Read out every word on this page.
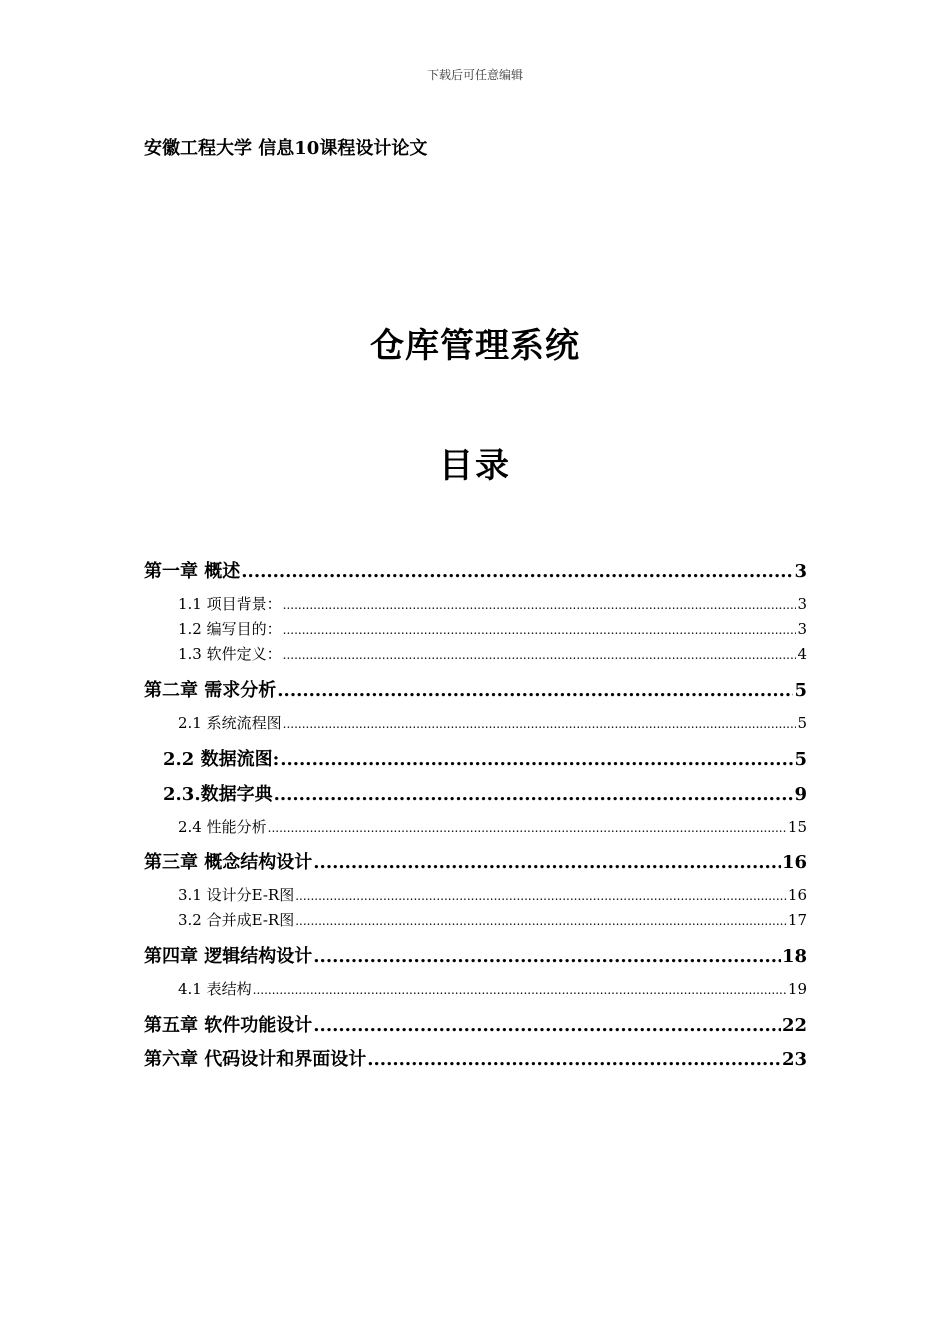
下载后可任意编辑
安徽工程大学 信息10课程设计论文
仓库管理系统
目录
第一章 概述 .....	3
1.1 项目背景： .....	3
1.2 编写目的： .....	3
1.3 软件定义： .....	4
第二章 需求分析 .....	5
2.1 系统流程图 .....	5
2.2 数据流图: .....	5
2.3.数据字典 .....	9
2.4 性能分析 .....	15
第三章 概念结构设计 .....	16
3.1 设计分E-R图 .....	16
3.2 合并成E-R图 .....	17
第四章 逻辑结构设计 .....	18
4.1 表结构 .....	19
第五章 软件功能设计 .....	22
第六章 代码设计和界面设计 .....	23
